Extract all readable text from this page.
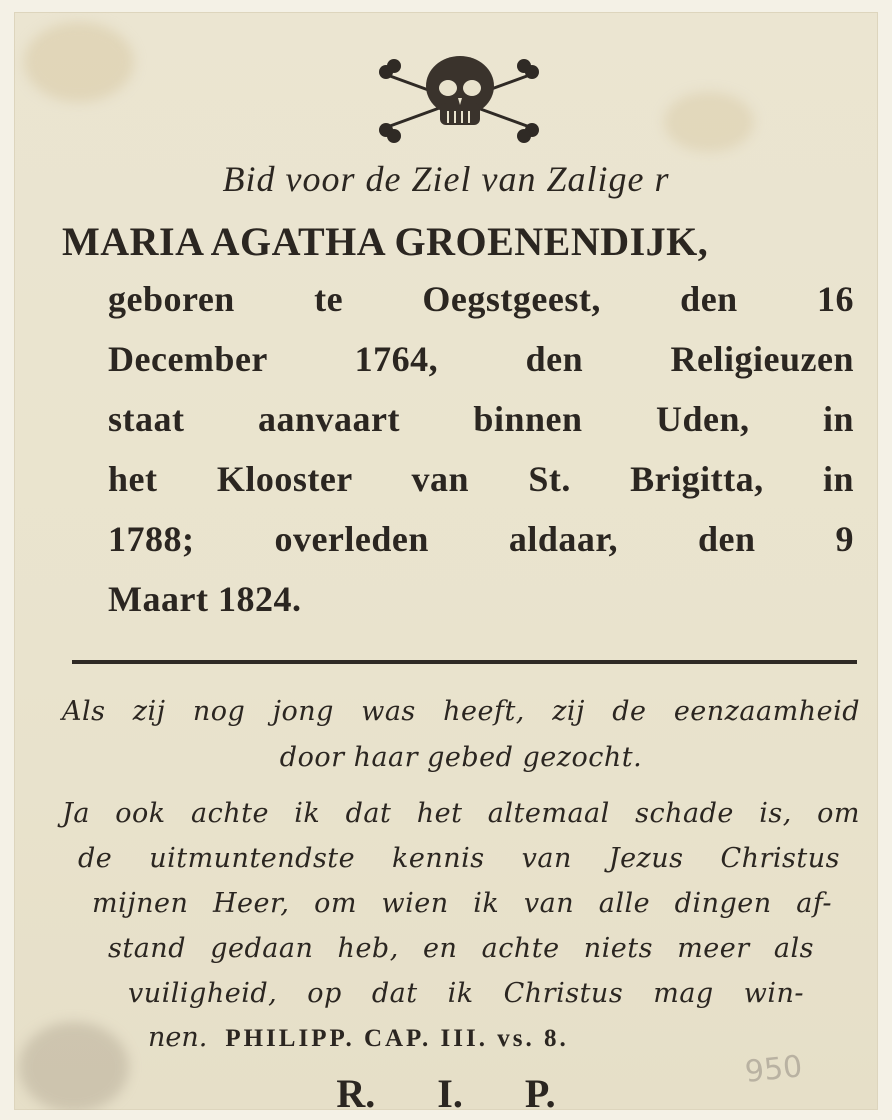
Bid voor de Ziel van Zalige r
MARIA AGATHA GROENENDIJK,
geboren te Oegstgeest, den 16
December 1764, den Religieuzen
staat aanvaart binnen Uden, in
het Klooster van St. Brigitta, in
1788; overleden aldaar, den 9
Maart 1824.
Als zij nog jong was heeft, zij de eenzaamheid
door haar gebed gezocht.
Ja ook achte ik dat het altemaal schade is, om
de uitmuntendste kennis van Jezus Christus
mijnen Heer, om wien ik van alle dingen af-
stand gedaan heb, en achte niets meer als
vuiligheid, op dat ik Christus mag win-
nen. PHILIPP. CAP. III. vs. 8.
R. I. P.
950
